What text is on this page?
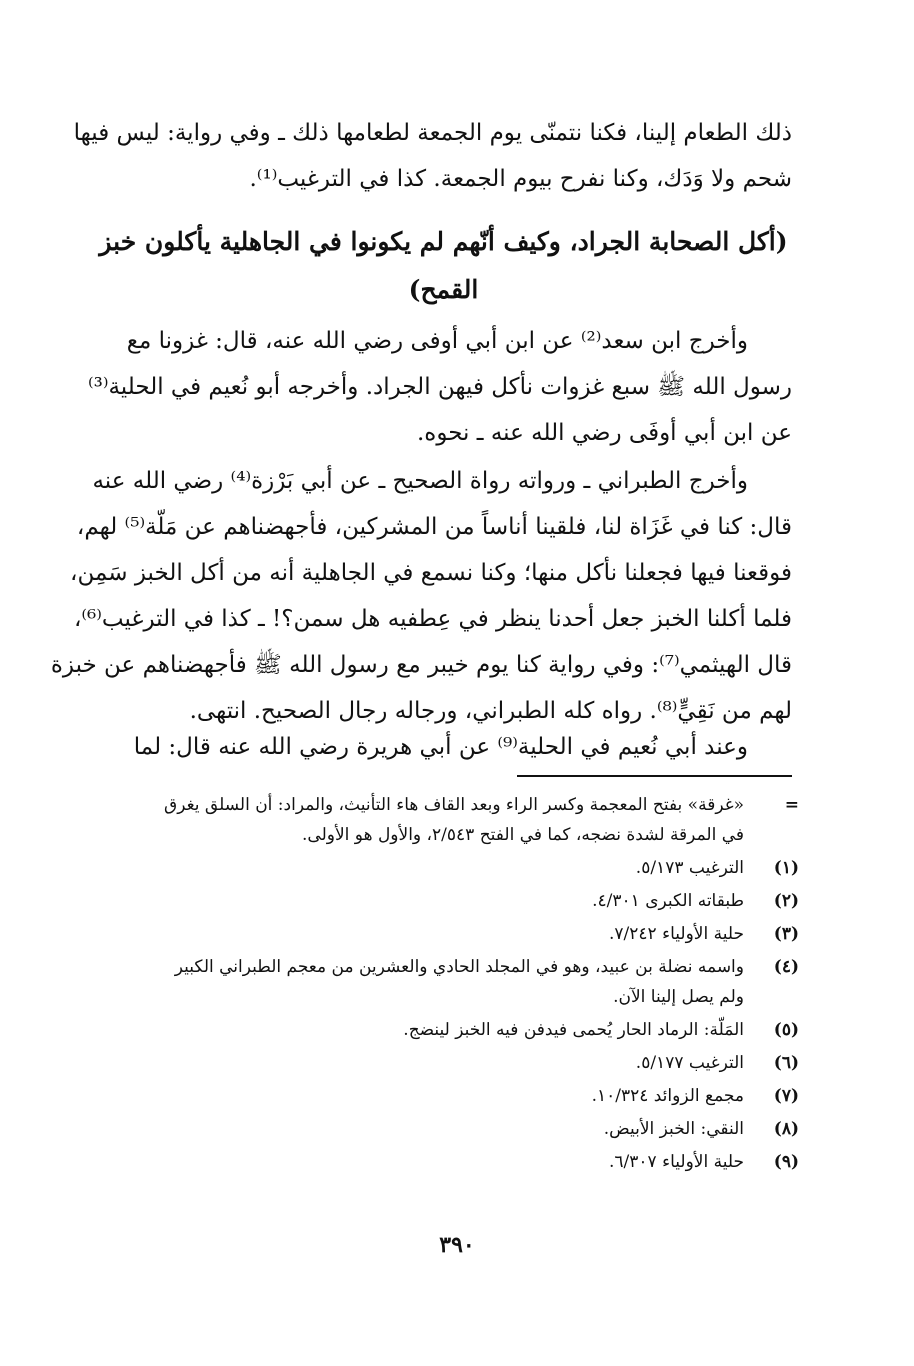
ذلك الطعام إلينا، فكنا نتمنّى يوم الجمعة لطعامها ذلك ـ وفي رواية: ليس فيها
شحم ولا وَدَك، وكنا نفرح بيوم الجمعة. كذا في الترغيب⁽¹⁾.
(أكل الصحابة الجراد، وكيف أنّهم لم يكونوا في الجاهلية يأكلون خبز
القمح)
وأخرج ابن سعد⁽²⁾ عن ابن أبي أوفى رضي الله عنه، قال: غزونا مع
رسول الله ﷺ سبع غزوات نأكل فيهن الجراد. وأخرجه أبو نُعيم في الحلية⁽³⁾
عن ابن أبي أوفَى رضي الله عنه ـ نحوه.
وأخرج الطبراني ـ ورواته رواة الصحيح ـ عن أبي بَرْزة⁽⁴⁾ رضي الله عنه
قال: كنا في غَزَاة لنا، فلقينا أناساً من المشركين، فأجهضناهم عن مَلّة⁽⁵⁾ لهم،
فوقعنا فيها فجعلنا نأكل منها؛ وكنا نسمع في الجاهلية أنه من أكل الخبز سَمِن،
فلما أكلنا الخبز جعل أحدنا ينظر في عِطفيه هل سمن؟! ـ كذا في الترغيب⁽⁶⁾،
قال الهيثمي⁽⁷⁾: وفي رواية كنا يوم خيبر مع رسول الله ﷺ فأجهضناهم عن خبزة
لهم من نَقِيٍّ⁽⁸⁾. رواه كله الطبراني، ورجاله رجال الصحيح. انتهى.
وعند أبي نُعيم في الحلية⁽⁹⁾ عن أبي هريرة رضي الله عنه قال: لما
=
«غرقة» بفتح المعجمة وكسر الراء وبعد القاف هاء التأنيث، والمراد: أن السلق يغرق
في المرقة لشدة نضجه، كما في الفتح ٢/٥٤٣، والأول هو الأولى.
(١)
الترغيب ٥/١٧٣.
(٢)
طبقاته الكبرى ٤/٣٠١.
(٣)
حلية الأولياء ٧/٢٤٢.
(٤)
واسمه نضلة بن عبيد، وهو في المجلد الحادي والعشرين من معجم الطبراني الكبير
ولم يصل إلينا الآن.
(٥)
المَلّة: الرماد الحار يُحمى فيدفن فيه الخبز لينضج.
(٦)
الترغيب ٥/١٧٧.
(٧)
مجمع الزوائد ١٠/٣٢٤.
(٨)
النقي: الخبز الأبيض.
(٩)
حلية الأولياء ٦/٣٠٧.
٣٩٠
